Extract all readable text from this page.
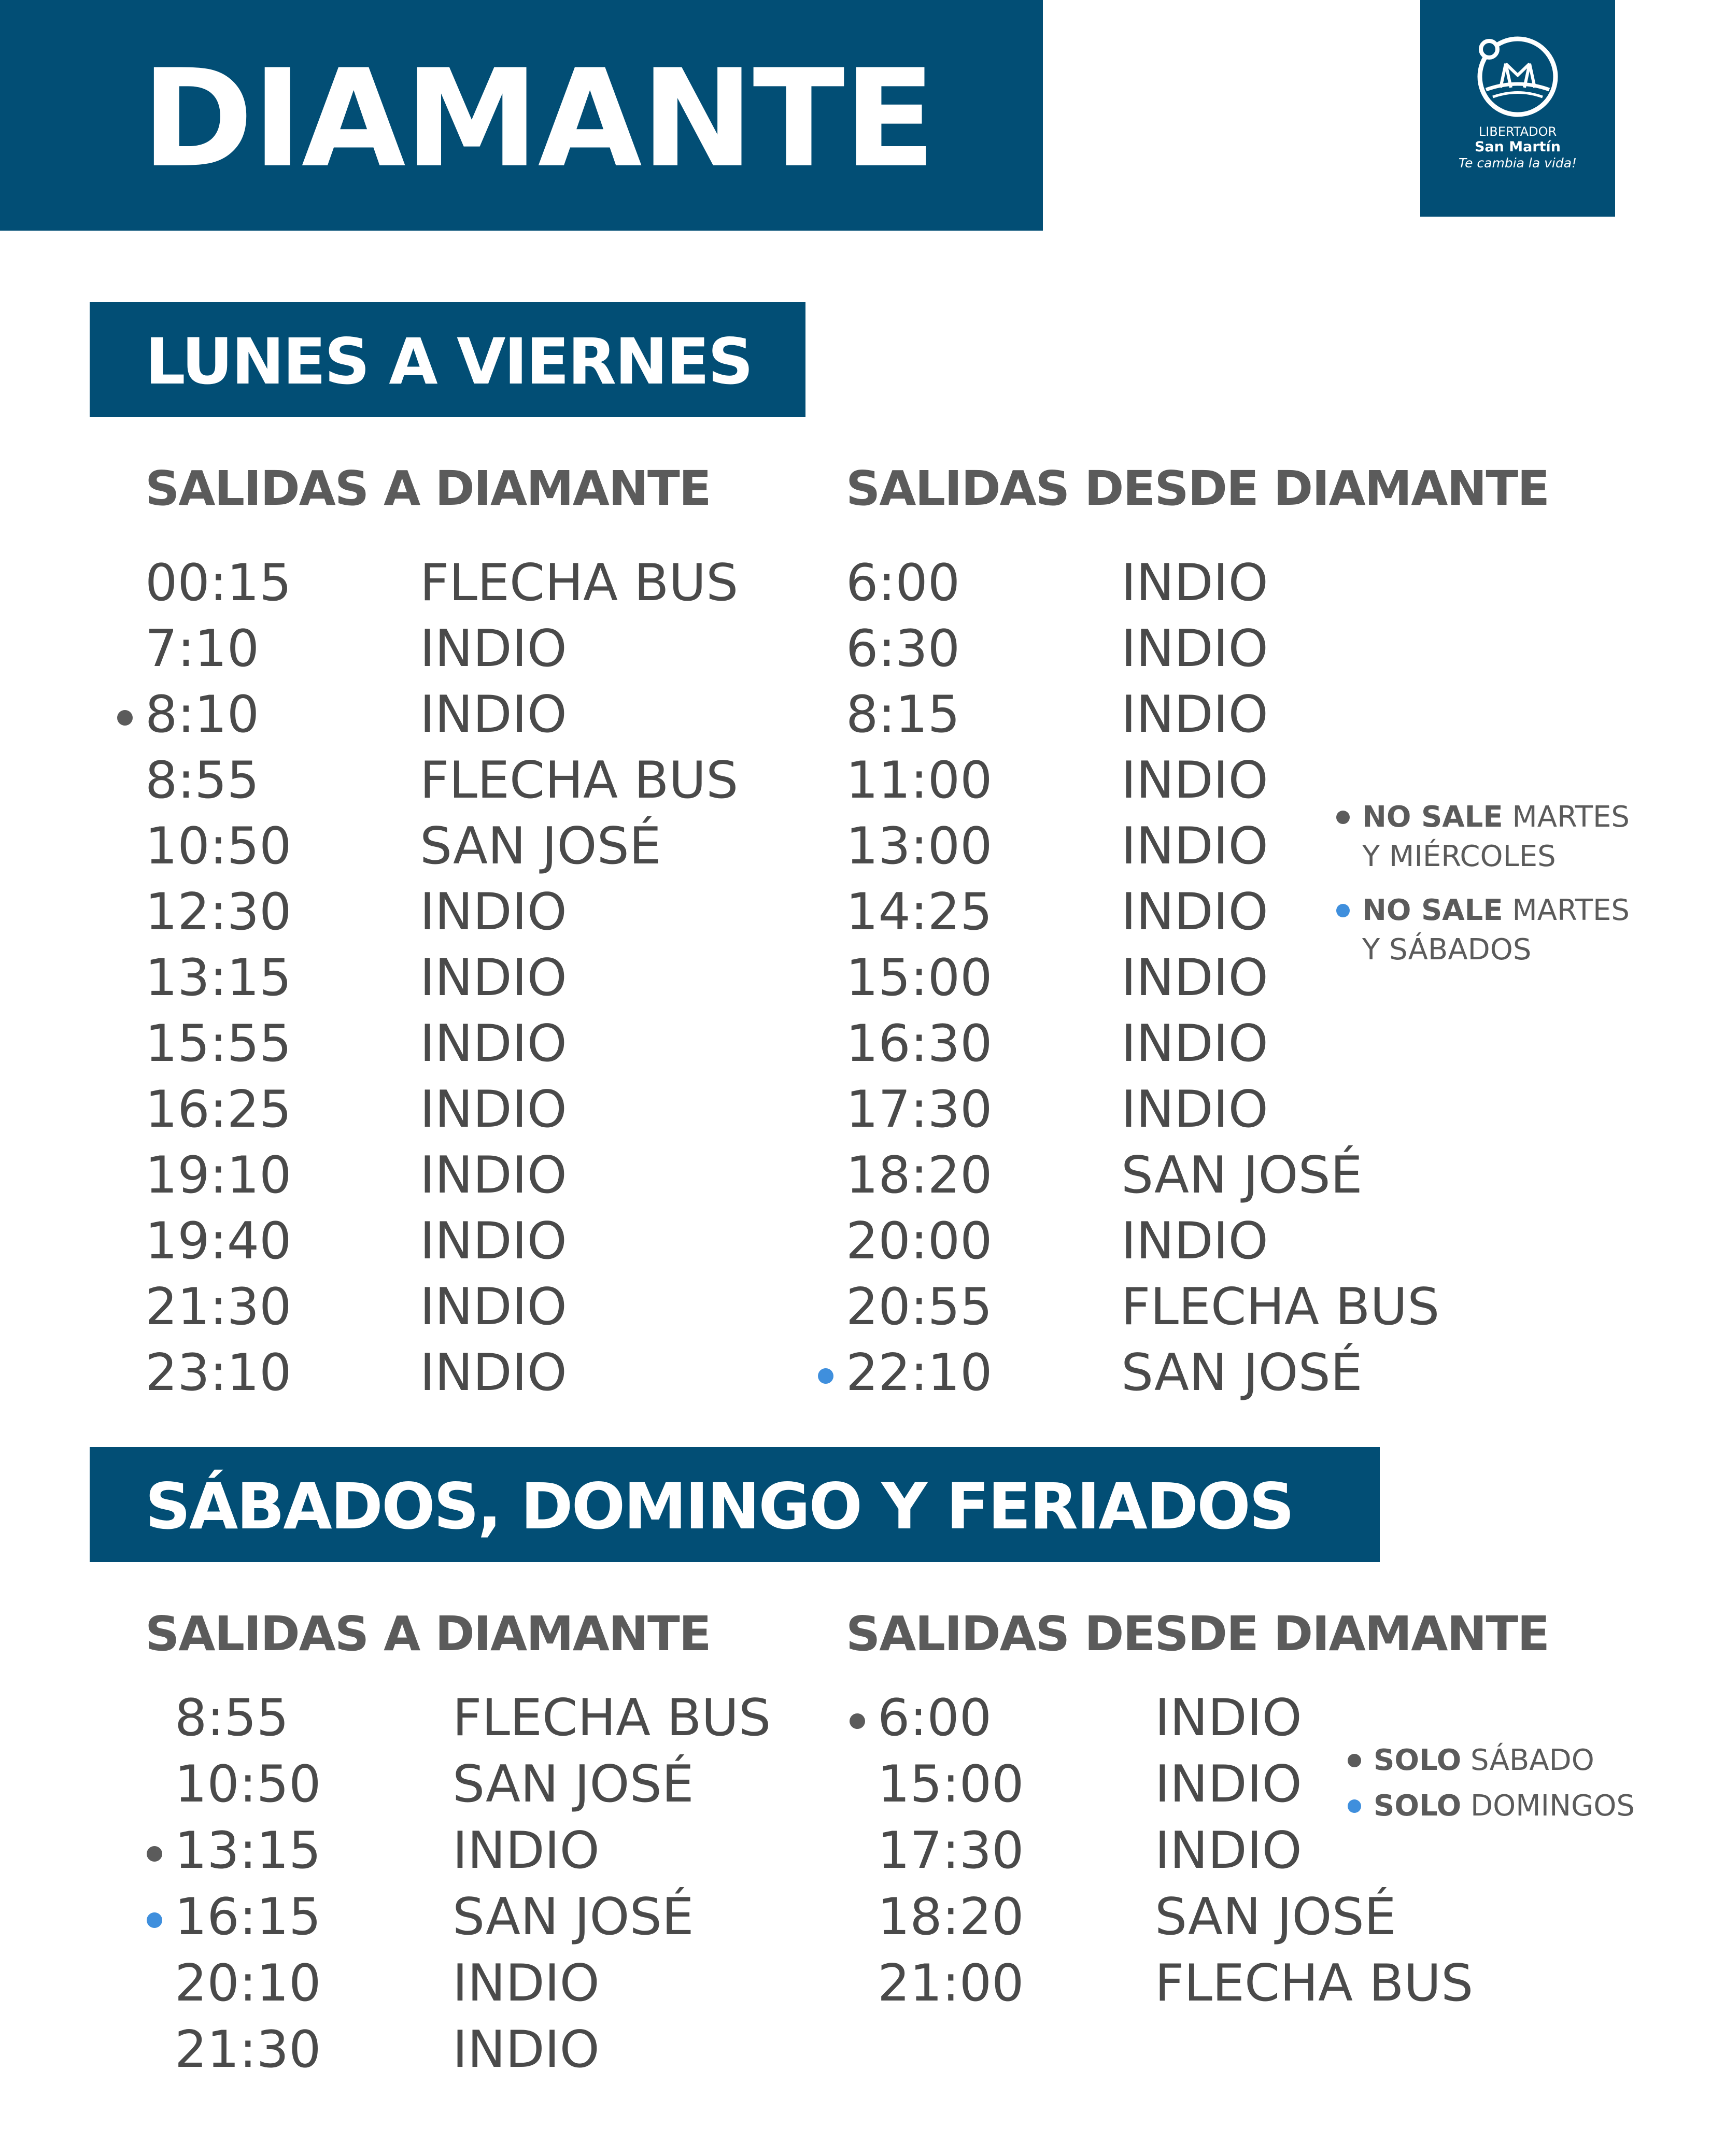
DIAMANTE	LIBERTADOR
San Martín
Te cambia la vida!
LUNES A VIERNES
SÁBADOS, DOMINGO Y FERIADOS
SALIDAS A DIAMANTE	SALIDAS DESDE DIAMANTE
SALIDAS A DIAMANTE	SALIDAS DESDE DIAMANTE
00:15	FLECHA BUS
7:10	INDIO
8:10	INDIO
8:55	FLECHA BUS
10:50	SAN JOSÉ
12:30	INDIO
13:15	INDIO
15:55	INDIO
16:25	INDIO
19:10	INDIO
19:40	INDIO
21:30	INDIO
23:10	INDIO
6:00	INDIO
6:30	INDIO
8:15	INDIO
11:00	INDIO
13:00	INDIO
14:25	INDIO
15:00	INDIO
16:30	INDIO
17:30	INDIO
18:20	SAN JOSÉ
20:00	INDIO
20:55	FLECHA BUS
22:10	SAN JOSÉ
8:55	FLECHA BUS
10:50	SAN JOSÉ
13:15	INDIO
16:15	SAN JOSÉ
20:10	INDIO
21:30	INDIO
6:00	INDIO
15:00	INDIO
17:30	INDIO
18:20	SAN JOSÉ
21:00	FLECHA BUS
NO SALE MARTES
Y MIÉRCOLES
NO SALE MARTES
Y SÁBADOS
SOLO SÁBADO
SOLO DOMINGOS
